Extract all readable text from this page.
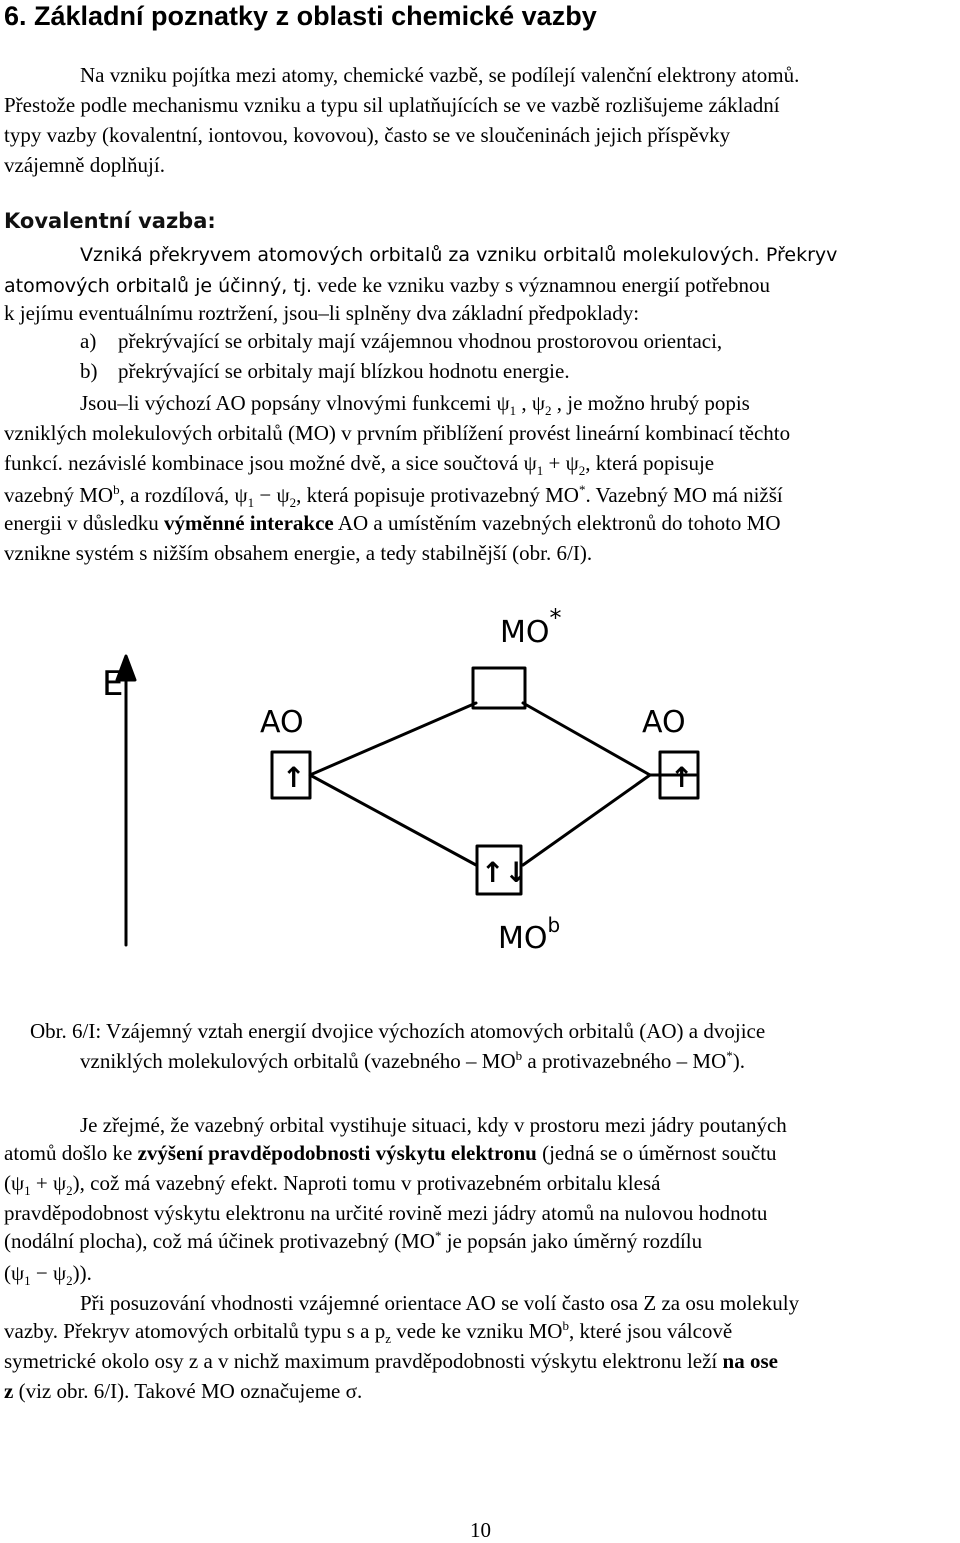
6. Základní poznatky z oblasti chemické vazby
Na vzniku pojítka mezi atomy, chemické vazbě, se podílejí valenční elektrony atomů.
Přestože podle mechanismu vzniku a typu sil uplatňujících se ve vazbě rozlišujeme základní
typy vazby (kovalentní, iontovou, kovovou), často se ve sloučeninách jejich příspěvky
vzájemně doplňují.
Kovalentní vazba:
Vzniká překryvem atomových orbitalů za vzniku orbitalů molekulových. Překryv
atomových orbitalů je účinný, tj. vede ke vzniku vazby s významnou energií potřebnou
k jejímu eventuálnímu roztržení, jsou–li splněny dva základní předpoklady:
a) překrývající se orbitaly mají vzájemnou vhodnou prostorovou orientaci,
b) překrývající se orbitaly mají blízkou hodnotu energie.
Jsou–li výchozí AO popsány vlnovými funkcemi $\psi_1$ , $\psi_2$ , je možno hrubý popis
vzniklých molekulových orbitalů (MO) v prvním přiblížení provést lineární kombinací těchto
funkcí. nezávislé kombinace jsou možné dvě, a sice součtová $\psi_1 + \psi_2$, která popisuje
vazebný $MO^b$, a rozdílová, $\psi_1 - \psi_2$, která popisuje protivazebný MO*. Vazebný MO má nižší
energii v důsledku výměnné interakce AO a umístěním vazebných elektronů do tohoto MO
vznikne systém s nižším obsahem energie, a tedy stabilnější (obr. 6/I).
E
AO	AO
MO*
$MO^b$
↑	↑
↑↓
Obr. 6/I: Vzájemný vztah energií dvojice výchozích atomových orbitalů (AO) a dvojice
vzniklých molekulových orbitalů (vazebného – $MO^b$ a protivazebného – MO*).
Je zřejmé, že vazebný orbital vystihuje situaci, kdy v prostoru mezi jádry poutaných
atomů došlo ke zvýšení pravděpodobnosti výskytu elektronu (jedná se o úměrnost součtu
$(\psi_1 + \psi_2)$, což má vazebný efekt. Naproti tomu v protivazebném orbitalu klesá
pravděpodobnost výskytu elektronu na určité rovině mezi jádry atomů na nulovou hodnotu
(nodální plocha), což má účinek protivazebný (MO* je popsán jako úměrný rozdílu
$(\psi_1 - \psi_2)$).
Při posuzování vhodnosti vzájemné orientace AO se volí často osa Z za osu molekuly
vazby. Překryv atomových orbitalů typu s a $p_z$ vede ke vzniku $MO^b$, které jsou válcově
symetrické okolo osy z a v nichž maximum pravděpodobnosti výskytu elektronu leží na ose
z (viz obr. 6/I). Takové MO označujeme σ.
10
